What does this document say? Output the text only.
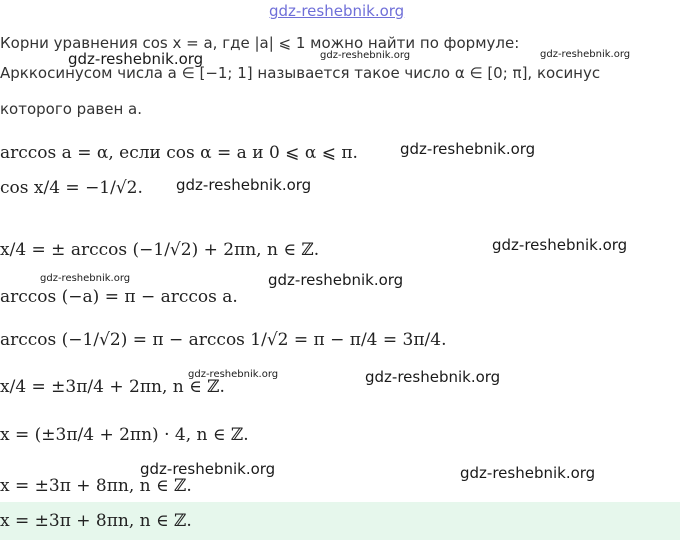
gdz-reshebnik.org
Корни уравнения cos x = a, где |a| ⩽ 1 можно найти по формуле:
Арккосинусом числа a ∈ [−1; 1] называется такое число α ∈ [0; π], косинус
которого равен a.
arccos a = α, если cos α = a и 0 ⩽ α ⩽ π.
cos x/4 = −1/√2.
x/4 = ± arccos (−1/√2) + 2πn, n ∈ ℤ.
arccos (−a) = π − arccos a.
arccos (−1/√2) = π − arccos 1/√2 = π − π/4 = 3π/4.
x/4 = ±3π/4 + 2πn, n ∈ ℤ.
x = (±3π/4 + 2πn) · 4, n ∈ ℤ.
x = ±3π + 8πn, n ∈ ℤ.
x = ±3π + 8πn, n ∈ ℤ.
gdz-reshebnik.org	gdz-reshebnik.org	gdz-reshebnik.org
gdz-reshebnik.org
gdz-reshebnik.org
gdz-reshebnik.org
gdz-reshebnik.org	gdz-reshebnik.org
gdz-reshebnik.org	gdz-reshebnik.org
gdz-reshebnik.org	gdz-reshebnik.org
